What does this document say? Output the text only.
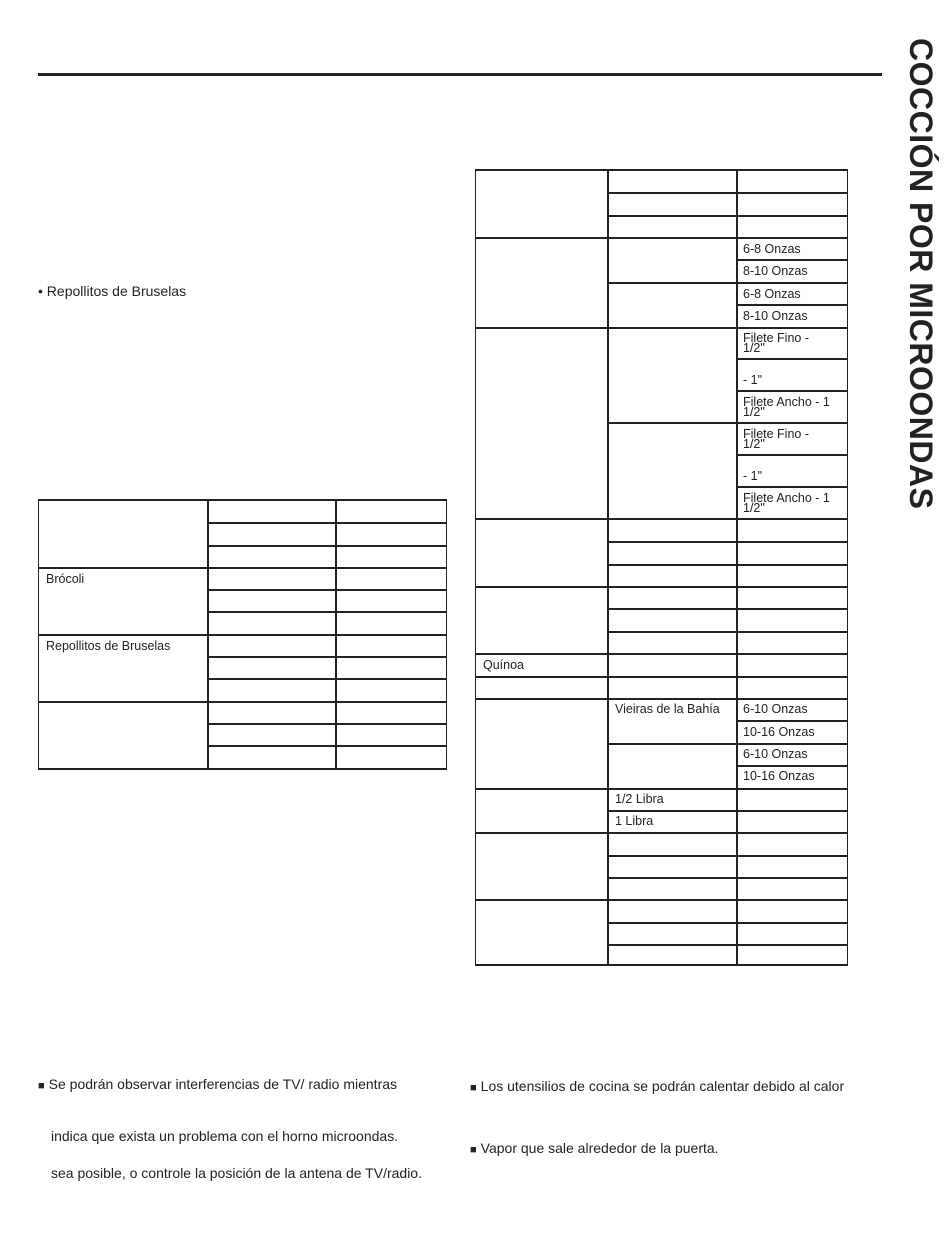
COCCIÓN POR MICROONDAS
• Repollitos de Bruselas
Brócoli
Repollitos de Bruselas
6-8 Onzas
8-10 Onzas
6-8 Onzas
8-10 Onzas
Filete Fino -
1/2"
- 1"
Filete Ancho - 1
1/2"
Filete Fino -
1/2"
- 1"
Filete Ancho - 1
1/2"
Quínoa
Vieiras de la Bahía 6-10 Onzas
10-16 Onzas
6-10 Onzas
10-16 Onzas
1/2 Libra
1 Libra
■ Se podrán observar interferencias de TV/ radio mientras
indica que exista un problema con el horno microondas.
sea posible, o controle la posición de la antena de TV/radio.
■ Los utensilios de cocina se podrán calentar debido al calor
■ Vapor que sale alrededor de la puerta.
